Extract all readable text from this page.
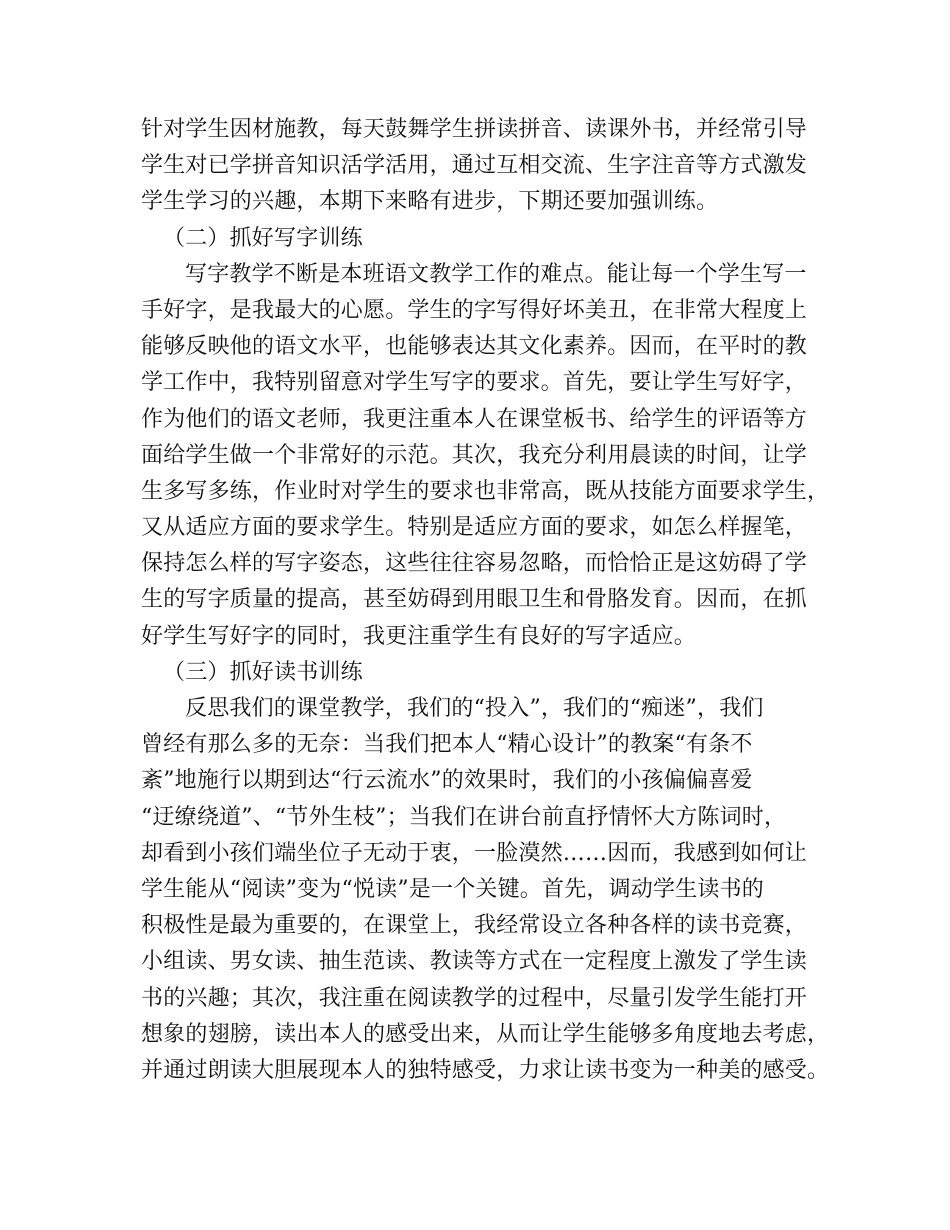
针对学生因材施教，每天鼓舞学生拼读拼音、读课外书，并经常引导
学生对已学拼音知识活学活用，通过互相交流、生字注音等方式激发
学生学习的兴趣，本期下来略有进步，下期还要加强训练。
（二）抓好写字训练
写字教学不断是本班语文教学工作的难点。能让每一个学生写一
手好字，是我最大的心愿。学生的字写得好坏美丑，在非常大程度上
能够反映他的语文水平，也能够表达其文化素养。因而，在平时的教
学工作中，我特别留意对学生写字的要求。首先，要让学生写好字，
作为他们的语文老师，我更注重本人在课堂板书、给学生的评语等方
面给学生做一个非常好的示范。其次，我充分利用晨读的时间，让学
生多写多练，作业时对学生的要求也非常高，既从技能方面要求学生，
又从适应方面的要求学生。特别是适应方面的要求，如怎么样握笔，
保持怎么样的写字姿态，这些往往容易忽略，而恰恰正是这妨碍了学
生的写字质量的提高，甚至妨碍到用眼卫生和骨胳发育。因而，在抓
好学生写好字的同时，我更注重学生有良好的写字适应。
（三）抓好读书训练
反思我们的课堂教学，我们的“投入”，我们的“痴迷”，我们
曾经有那么多的无奈：当我们把本人“精心设计”的教案“有条不
紊”地施行以期到达“行云流水”的效果时，我们的小孩偏偏喜爱
“迂缭绕道”、“节外生枝”；当我们在讲台前直抒情怀大方陈词时，
却看到小孩们端坐位子无动于衷，一脸漠然……因而，我感到如何让
学生能从“阅读”变为“悦读”是一个关键。首先，调动学生读书的
积极性是最为重要的，在课堂上，我经常设立各种各样的读书竞赛，
小组读、男女读、抽生范读、教读等方式在一定程度上激发了学生读
书的兴趣；其次，我注重在阅读教学的过程中，尽量引发学生能打开
想象的翅膀，读出本人的感受出来，从而让学生能够多角度地去考虑，
并通过朗读大胆展现本人的独特感受，力求让读书变为一种美的感受。
